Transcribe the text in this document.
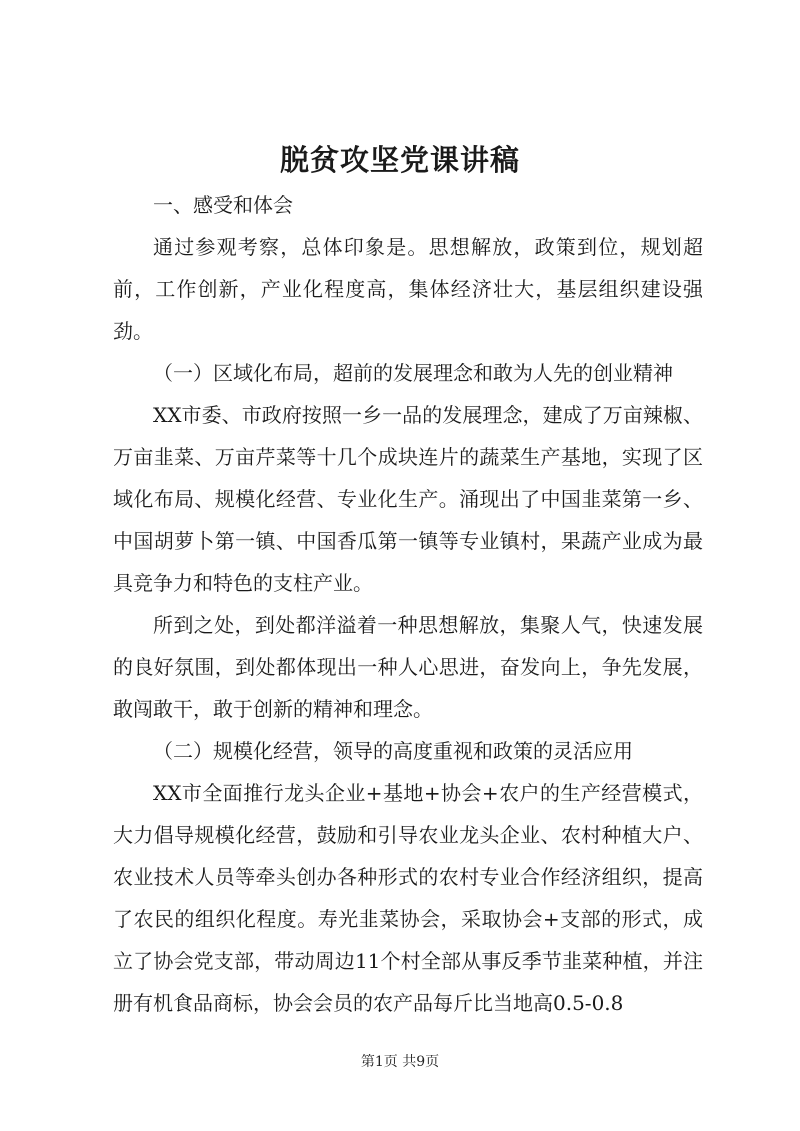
脱贫攻坚党课讲稿

一、感受和体会

通过参观考察，总体印象是。思想解放，政策到位，规划超前，工作创新，产业化程度高，集体经济壮大，基层组织建设强劲。

（一）区域化布局，超前的发展理念和敢为人先的创业精神

XX市委、市政府按照一乡一品的发展理念，建成了万亩辣椒、万亩韭菜、万亩芹菜等十几个成块连片的蔬菜生产基地，实现了区域化布局、规模化经营、专业化生产。涌现出了中国韭菜第一乡、中国胡萝卜第一镇、中国香瓜第一镇等专业镇村，果蔬产业成为最具竞争力和特色的支柱产业。

所到之处，到处都洋溢着一种思想解放，集聚人气，快速发展的良好氛围，到处都体现出一种人心思进，奋发向上，争先发展，敢闯敢干，敢于创新的精神和理念。

（二）规模化经营，领导的高度重视和政策的灵活应用

XX市全面推行龙头企业+基地+协会+农户的生产经营模式，大力倡导规模化经营，鼓励和引导农业龙头企业、农村种植大户、农业技术人员等牵头创办各种形式的农村专业合作经济组织，提高了农民的组织化程度。寿光韭菜协会，采取协会+支部的形式，成立了协会党支部，带动周边11个村全部从事反季节韭菜种植，并注册有机食品商标，协会会员的农产品每斤比当地高0.5-0.8

第1页 共9页
